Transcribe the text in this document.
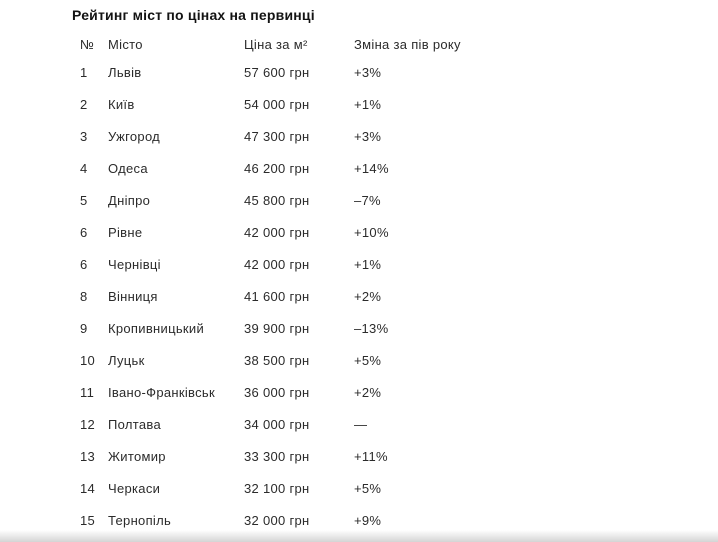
Рейтинг міст по цінах на первинці
№	Місто	Ціна за м²	Зміна за пів року
1	Львів	57 600 грн	+3%
2	Київ	54 000 грн	+1%
3	Ужгород	47 300 грн	+3%
4	Одеса	46 200 грн	+14%
5	Дніпро	45 800 грн	–7%
6	Рівне	42 000 грн	+10%
6	Чернівці	42 000 грн	+1%
8	Вінниця	41 600 грн	+2%
9	Кропивницький	39 900 грн	–13%
10 Луцьк	38 500 грн	+5%
11	Івано-Франківськ	36 000 грн	+2%
12 Полтава	34 000 грн	—
13 Житомир	33 300 грн	+11%
14 Черкаси	32 100 грн	+5%
15 Тернопіль	32 000 грн	+9%
